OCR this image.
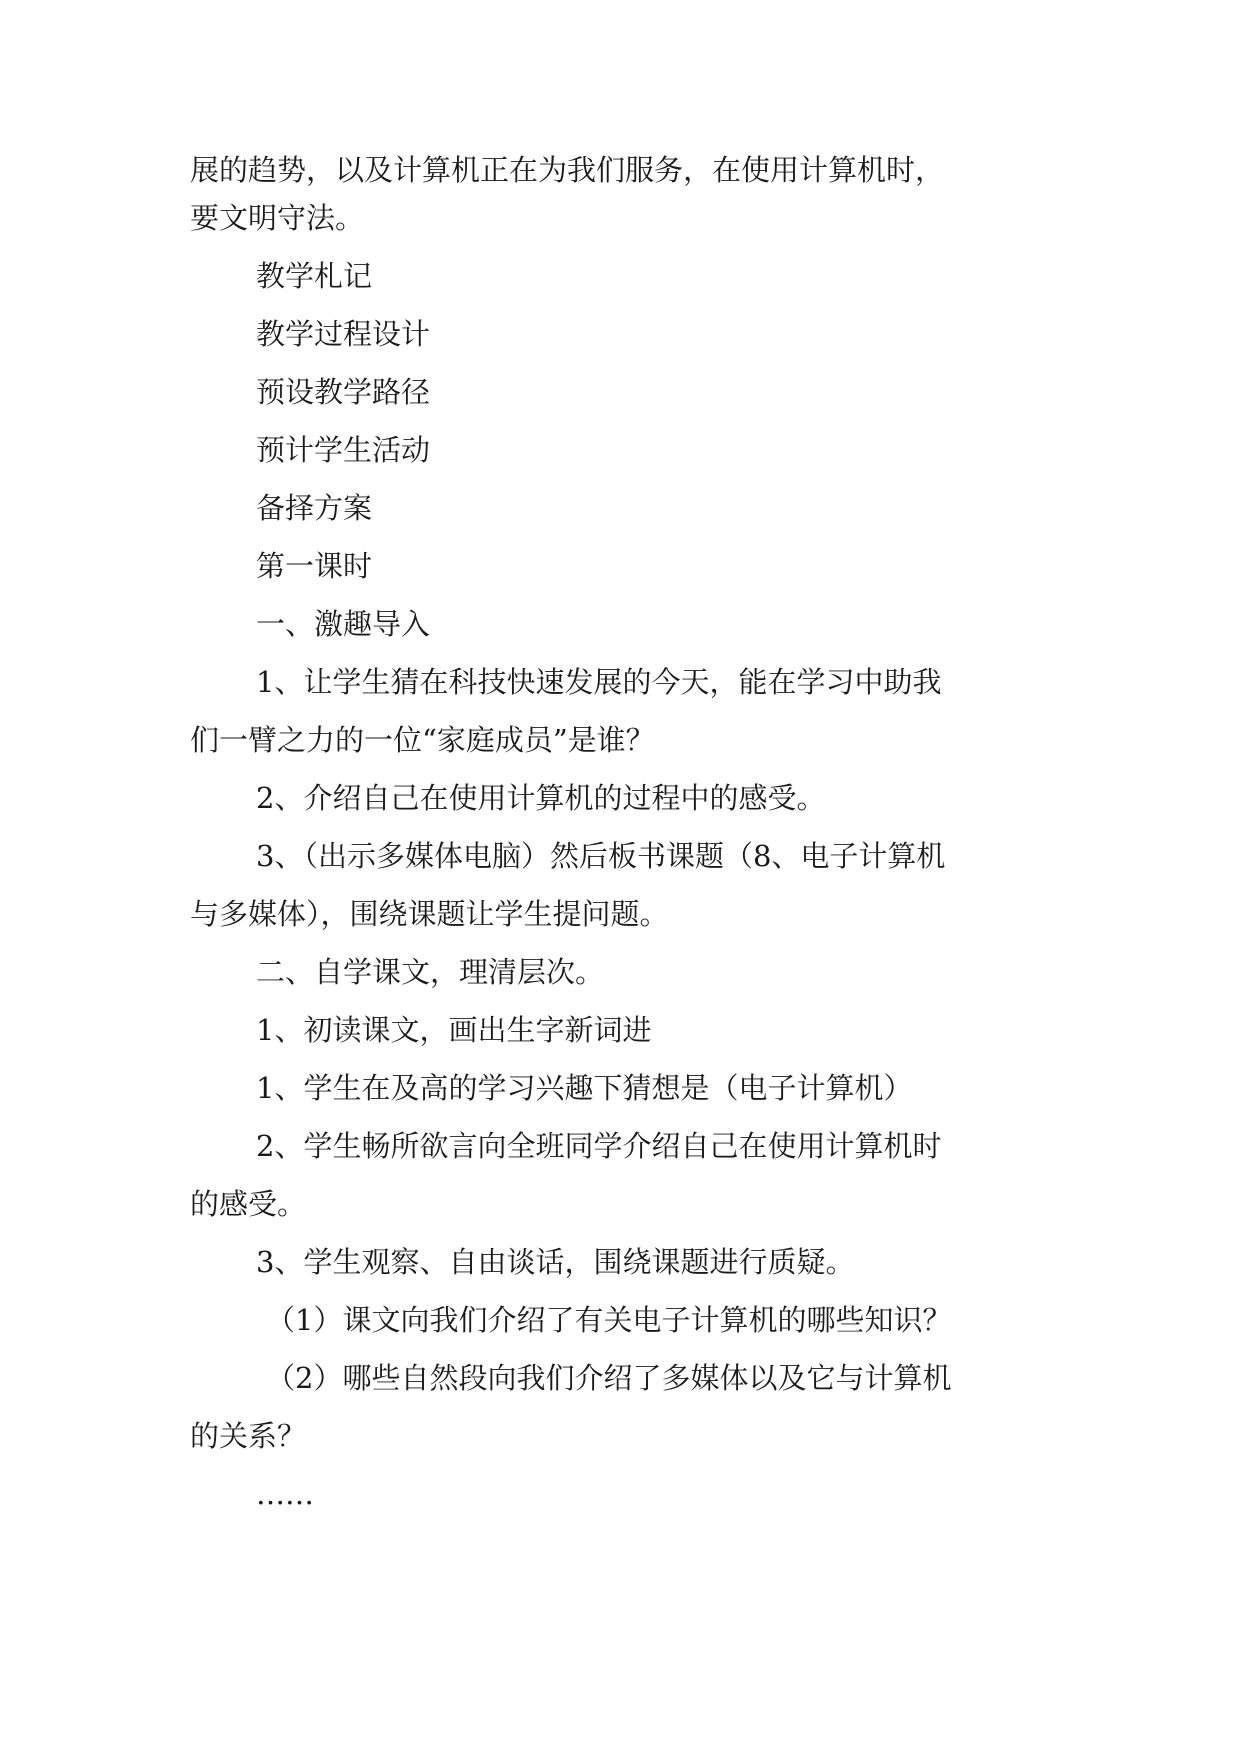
展的趋势，以及计算机正在为我们服务，在使用计算机时，
要文明守法。
教学札记
教学过程设计
预设教学路径
预计学生活动
备择方案
第一课时
一、激趣导入
1、让学生猜在科技快速发展的今天，能在学习中助我
们一臂之力的一位“家庭成员”是谁？
2、介绍自己在使用计算机的过程中的感受。
3、（出示多媒体电脑）然后板书课题（8、电子计算机
与多媒体），围绕课题让学生提问题。
二、自学课文，理清层次。
1、初读课文，画出生字新词进
1、学生在及高的学习兴趣下猜想是（电子计算机）
2、学生畅所欲言向全班同学介绍自己在使用计算机时
的感受。
3、学生观察、自由谈话，围绕课题进行质疑。
（1）课文向我们介绍了有关电子计算机的哪些知识？
（2）哪些自然段向我们介绍了多媒体以及它与计算机
的关系？
……
